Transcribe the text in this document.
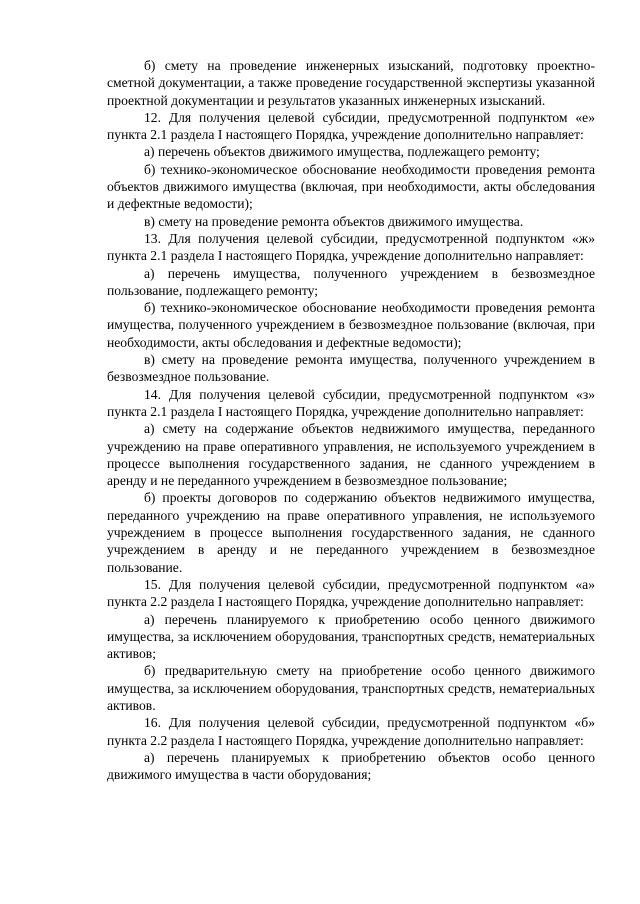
б) смету на проведение инженерных изысканий, подготовку проектно-сметной документации, а также проведение государственной экспертизы указанной проектной документации и результатов указанных инженерных изысканий.

12. Для получения целевой субсидии, предусмотренной подпунктом «е» пункта 2.1 раздела I настоящего Порядка, учреждение дополнительно направляет:

а) перечень объектов движимого имущества, подлежащего ремонту;

б) технико-экономическое обоснование необходимости проведения ремонта объектов движимого имущества (включая, при необходимости, акты обследования и дефектные ведомости);

в) смету на проведение ремонта объектов движимого имущества.

13. Для получения целевой субсидии, предусмотренной подпунктом «ж» пункта 2.1 раздела I настоящего Порядка, учреждение дополнительно направляет:

а) перечень имущества, полученного учреждением в безвозмездное пользование, подлежащего ремонту;

б) технико-экономическое обоснование необходимости проведения ремонта имущества, полученного учреждением в безвозмездное пользование (включая, при необходимости, акты обследования и дефектные ведомости);

в) смету на проведение ремонта имущества, полученного учреждением в безвозмездное пользование.

14. Для получения целевой субсидии, предусмотренной подпунктом «з» пункта 2.1 раздела I настоящего Порядка, учреждение дополнительно направляет:

а) смету на содержание объектов недвижимого имущества, переданного учреждению на праве оперативного управления, не используемого учреждением в процессе выполнения государственного задания, не сданного учреждением в аренду и не переданного учреждением в безвозмездное пользование;

б) проекты договоров по содержанию объектов недвижимого имущества, переданного учреждению на праве оперативного управления, не используемого учреждением в процессе выполнения государственного задания, не сданного учреждением в аренду и не переданного учреждением в безвозмездное пользование.

15. Для получения целевой субсидии, предусмотренной подпунктом «а» пункта 2.2 раздела I настоящего Порядка, учреждение дополнительно направляет:

а) перечень планируемого к приобретению особо ценного движимого имущества, за исключением оборудования, транспортных средств, нематериальных активов;

б) предварительную смету на приобретение особо ценного движимого имущества, за исключением оборудования, транспортных средств, нематериальных активов.

16. Для получения целевой субсидии, предусмотренной подпунктом «б» пункта 2.2 раздела I настоящего Порядка, учреждение дополнительно направляет:

а) перечень планируемых к приобретению объектов особо ценного движимого имущества в части оборудования;
